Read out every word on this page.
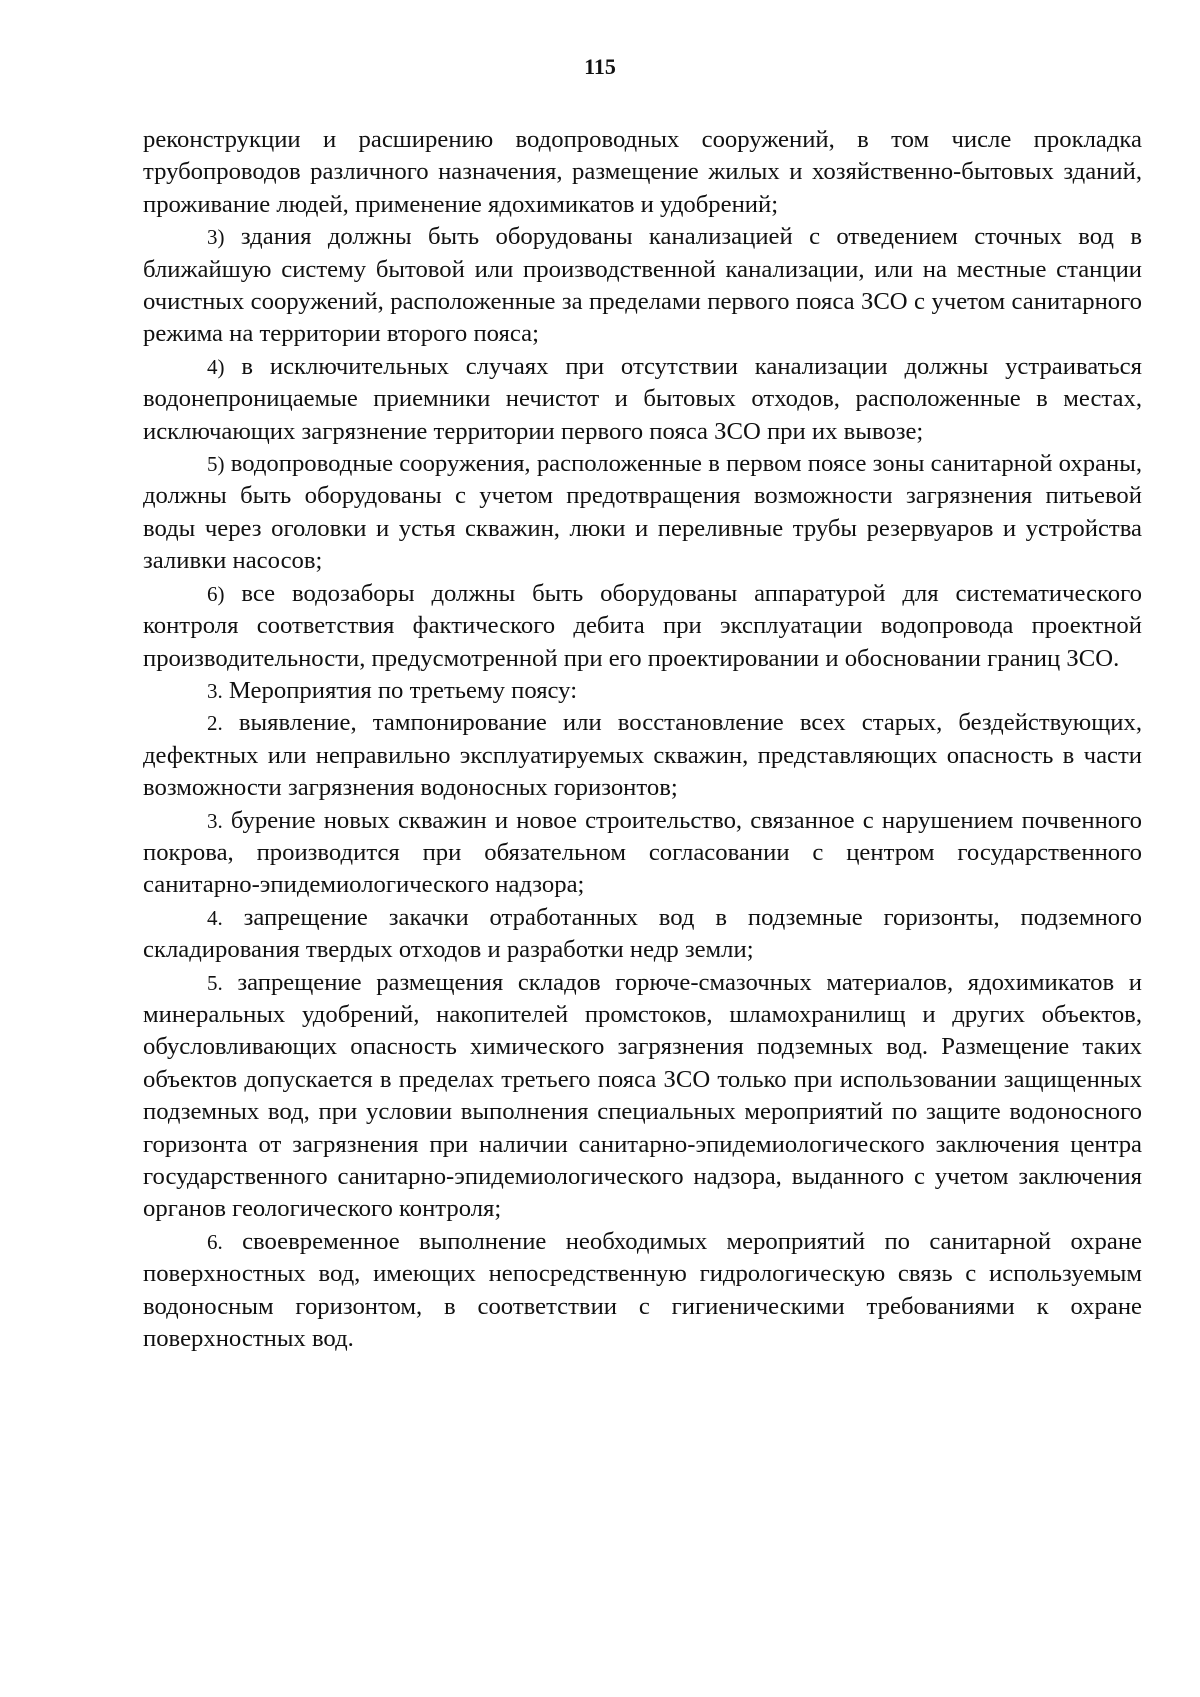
115

реконструкции и расширению водопроводных сооружений, в том числе прокладка трубопроводов различного назначения, размещение жилых и хозяйственно-бытовых зданий, проживание людей, применение ядохимикатов и удобрений;

3) здания должны быть оборудованы канализацией с отведением сточных вод в ближайшую систему бытовой или производственной канализации, или на местные станции очистных сооружений, расположенные за пределами первого пояса ЗСО с учетом санитарного режима на территории второго пояса;

4) в исключительных случаях при отсутствии канализации должны устраиваться водонепроницаемые приемники нечистот и бытовых отходов, расположенные в местах, исключающих загрязнение территории первого пояса ЗСО при их вывозе;

5) водопроводные сооружения, расположенные в первом поясе зоны санитарной охраны, должны быть оборудованы с учетом предотвращения возможности загрязнения питьевой воды через оголовки и устья скважин, люки и переливные трубы резервуаров и устройства заливки насосов;

6) все водозаборы должны быть оборудованы аппаратурой для систематического контроля соответствия фактического дебита при эксплуатации водопровода проектной производительности, предусмотренной при его проектировании и обосновании границ ЗСО.

3. Мероприятия по третьему поясу:

2. выявление, тампонирование или восстановление всех старых, бездействующих, дефектных или неправильно эксплуатируемых скважин, представляющих опасность в части возможности загрязнения водоносных горизонтов;

3. бурение новых скважин и новое строительство, связанное с нарушением почвенного покрова, производится при обязательном согласовании с центром государственного санитарно-эпидемиологического надзора;

4. запрещение закачки отработанных вод в подземные горизонты, подземного складирования твердых отходов и разработки недр земли;

5. запрещение размещения складов горюче-смазочных материалов, ядохимикатов и минеральных удобрений, накопителей промстоков, шламохранилищ и других объектов, обусловливающих опасность химического загрязнения подземных вод. Размещение таких объектов допускается в пределах третьего пояса ЗСО только при использовании защищенных подземных вод, при условии выполнения специальных мероприятий по защите водоносного горизонта от загрязнения при наличии санитарно-эпидемиологического заключения центра государственного санитарно-эпидемиологического надзора, выданного с учетом заключения органов геологического контроля;

6. своевременное выполнение необходимых мероприятий по санитарной охране поверхностных вод, имеющих непосредственную гидрологическую связь с используемым водоносным горизонтом, в соответствии с гигиеническими требованиями к охране поверхностных вод.
